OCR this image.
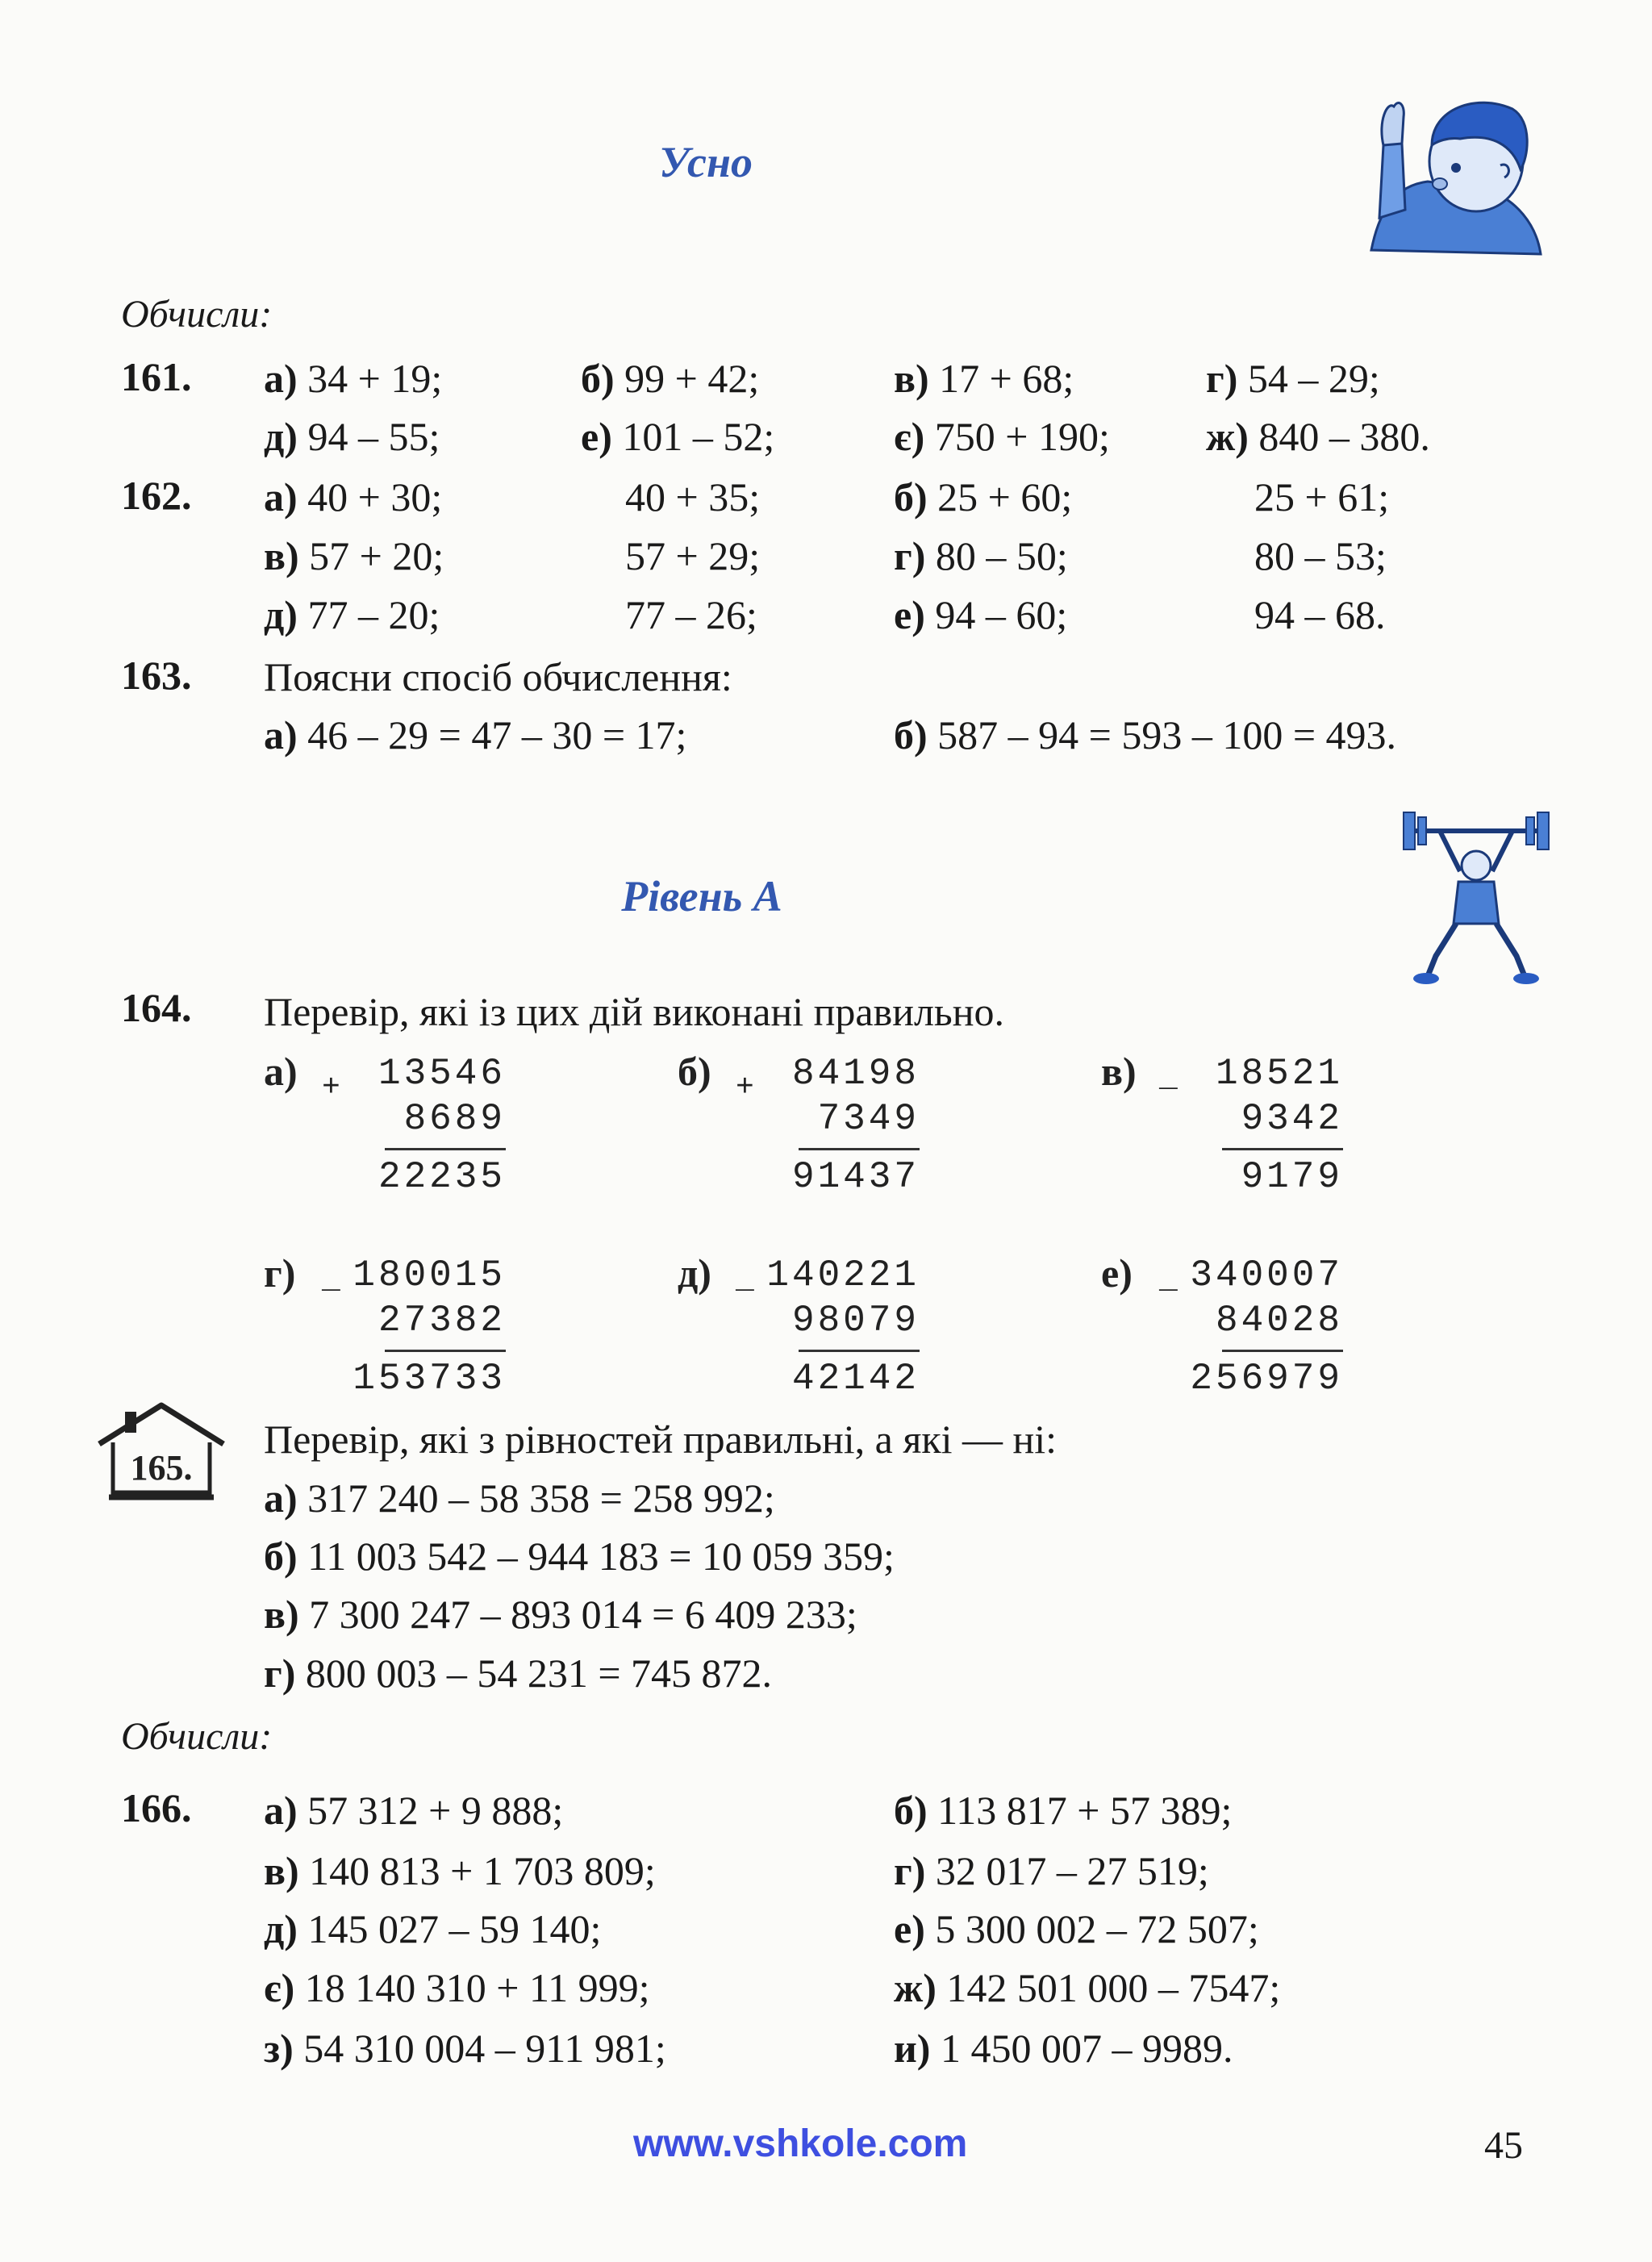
Усно
Обчисли:
161. а) 34 + 19;	б) 99 + 42;	в) 17 + 68;	г) 54 – 29;
д) 94 – 55;	е) 101 – 52;	є) 750 + 190; ж) 840 – 380.
162. а) 40 + 30;	40 + 35;	б) 25 + 60;	25 + 61;
в) 57 + 20;	57 + 29;	г) 80 – 50;	80 – 53;
д) 77 – 20;	77 – 26;	е) 94 – 60;	94 – 68.
163. Поясни спосіб обчислення:
а) 46 – 29 = 47 – 30 = 17;	б) 587 – 94 = 593 – 100 = 493.
Рівень А
164. Перевір, які із цих дій виконані правильно.
а) +	13546
8689
22235
б) +	84198
7349
91437
в) _	18521
9342
9179
г) _ 180015
27382
153733
д) _ 140221
98079
42142
е) _ 340007
84028
256979
165.
Перевір, які з рівностей правильні, а які — ні:
а) 317 240 – 58 358 = 258 992;
б) 11 003 542 – 944 183 = 10 059 359;
в) 7 300 247 – 893 014 = 6 409 233;
г) 800 003 – 54 231 = 745 872.
Обчисли:
166. а) 57 312 + 9 888;	б) 113 817 + 57 389;
в) 140 813 + 1 703 809;	г) 32 017 – 27 519;
д) 145 027 – 59 140;	е) 5 300 002 – 72 507;
є) 18 140 310 + 11 999;	ж) 142 501 000 – 7547;
з) 54 310 004 – 911 981;	и) 1 450 007 – 9989.
www.vshkole.com	45
